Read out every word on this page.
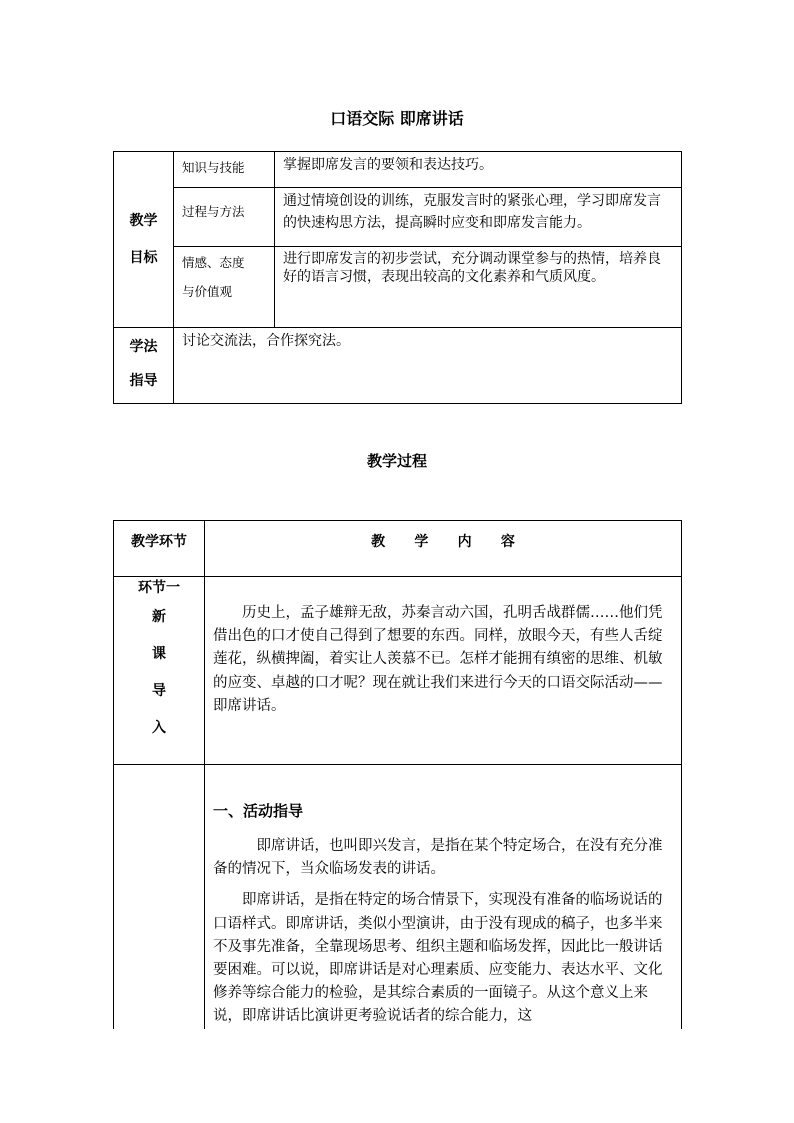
口语交际 即席讲话
教学
目标	知识与技能	掌握即席发言的要领和表达技巧。
	过程与方法	通过情境创设的训练，克服发言时的紧张心理，学习即席发言的快速构思方法，提高瞬时应变和即席发言能力。

	情感、态度
与价值观	进行即席发言的初步尝试，充分调动课堂参与的热情，培养良好的语言习惯，表现出较高的文化素养和气质风度。

学法
指导	讨论交流法，合作探究法。	
教学过程
教学环节	教      学      内      容

环节一
新
课
导
入	历史上，孟子雄辩无敌，苏秦言动六国，孔明舌战群儒……他们凭借出色的口才使自己得到了想要的东西。同样，放眼今天，有些人舌绽莲花，纵横捭阖，着实让人羡慕不已。怎样才能拥有缜密的思维、机敏的应变、卓越的口才呢？现在就让我们来进行今天的口语交际活动——即席讲话。

	一、活动指导

即席讲话，也叫即兴发言，是指在某个特定场合，在没有充分准备的情况下，当众临场发表的讲话。

即席讲话，是指在特定的场合情景下，实现没有准备的临场说话的口语样式。即席讲话，类似小型演讲，由于没有现成的稿子，也多半来不及事先准备，全靠现场思考、组织主题和临场发挥，因此比一般讲话要困难。可以说，即席讲话是对心理素质、应变能力、表达水平、文化修养等综合能力的检验，是其综合素质的一面镜子。从这个意义上来说，即席讲话比演讲更考验说话者的综合能力，这
